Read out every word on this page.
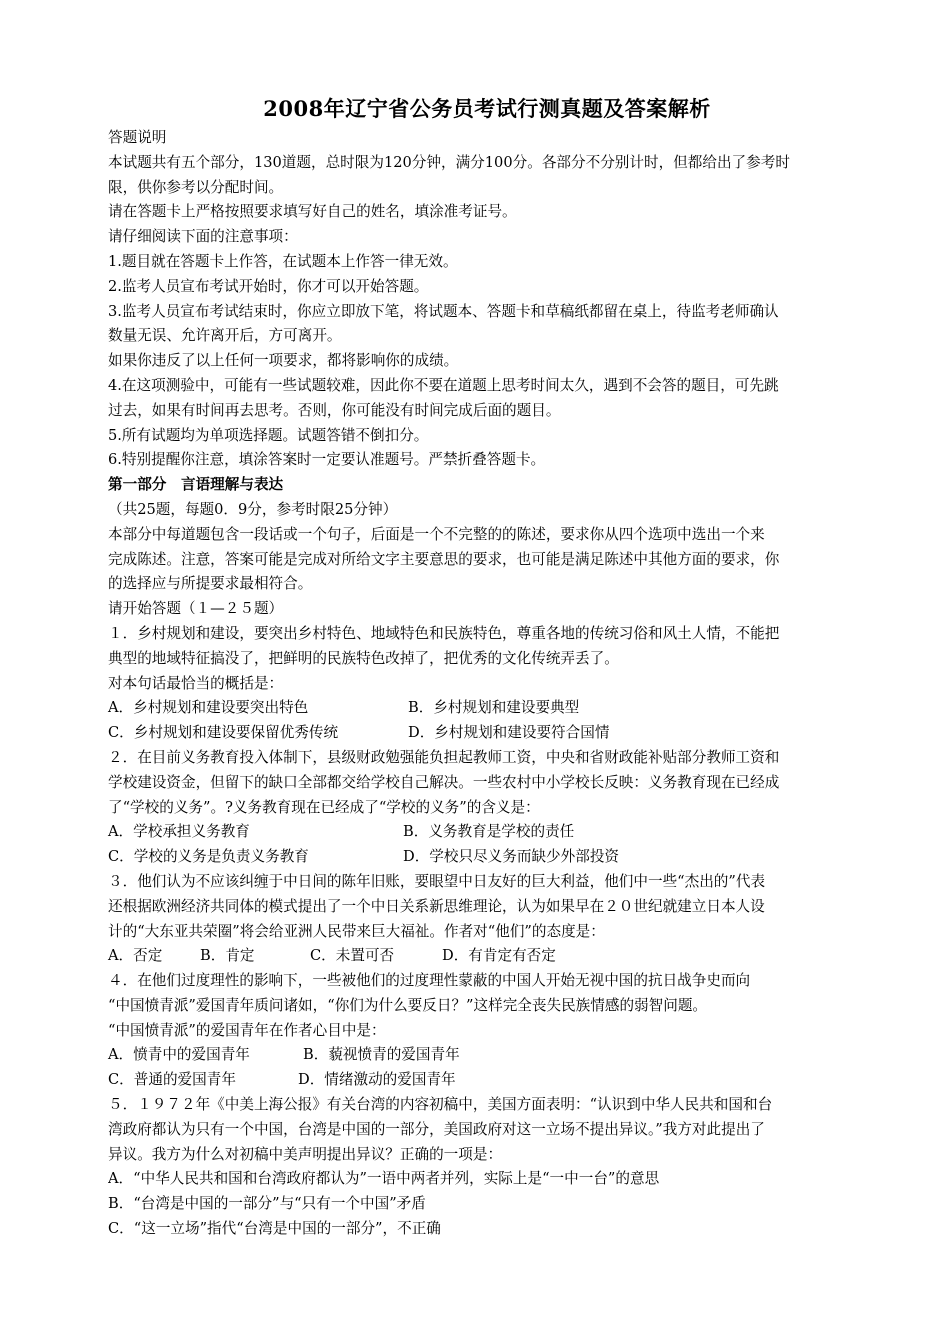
2008年辽宁省公务员考试行测真题及答案解析
答题说明
本试题共有五个部分，130道题，总时限为120分钟，满分100分。各部分不分别计时，但都给出了参考时
限，供你参考以分配时间。
请在答题卡上严格按照要求填写好自己的姓名，填涂准考证号。
请仔细阅读下面的注意事项：
1.题目就在答题卡上作答，在试题本上作答一律无效。
2.监考人员宣布考试开始时，你才可以开始答题。
3.监考人员宣布考试结束时，你应立即放下笔，将试题本、答题卡和草稿纸都留在桌上，待监考老师确认
数量无误、允许离开后，方可离开。
如果你违反了以上任何一项要求，都将影响你的成绩。
4.在这项测验中，可能有一些试题较难，因此你不要在道题上思考时间太久，遇到不会答的题目，可先跳
过去，如果有时间再去思考。否则，你可能没有时间完成后面的题目。
5.所有试题均为单项选择题。试题答错不倒扣分。
6.特别提醒你注意，填涂答案时一定要认准题号。严禁折叠答题卡。
第一部分　言语理解与表达
（共25题，每题0．9分，参考时限25分钟）
本部分中每道题包含一段话或一个句子，后面是一个不完整的的陈述，要求你从四个选项中选出一个来
完成陈述。注意，答案可能是完成对所给文字主要意思的要求，也可能是满足陈述中其他方面的要求，你
的选择应与所提要求最相符合。
请开始答题（１—２５题）
１．乡村规划和建设，要突出乡村特色、地域特色和民族特色，尊重各地的传统习俗和风土人情，不能把
典型的地域特征搞没了，把鲜明的民族特色改掉了，把优秀的文化传统弄丢了。
对本句话最恰当的概括是：
A．乡村规划和建设要突出特色	B．乡村规划和建设要典型
C．乡村规划和建设要保留优秀传统	D．乡村规划和建设要符合国情
２．在目前义务教育投入体制下，县级财政勉强能负担起教师工资，中央和省财政能补贴部分教师工资和
学校建设资金，但留下的缺口全部都交给学校自己解决。一些农村中小学校长反映：义务教育现在已经成
了“学校的义务”。?义务教育现在已经成了“学校的义务”的含义是：
A．学校承担义务教育	B．义务教育是学校的责任
C．学校的义务是负责义务教育	D．学校只尽义务而缺少外部投资
３．他们认为不应该纠缠于中日间的陈年旧账，要眼望中日友好的巨大利益，他们中一些“杰出的”代表
还根据欧洲经济共同体的模式提出了一个中日关系新思维理论，认为如果早在２０世纪就建立日本人设
计的“大东亚共荣圈”将会给亚洲人民带来巨大福祉。作者对“他们”的态度是：
A．否定	B．肯定	C．未置可否	D．有肯定有否定
４．在他们过度理性的影响下，一些被他们的过度理性蒙蔽的中国人开始无视中国的抗日战争史而向
“中国愤青派”爱国青年质问诸如，“你们为什么要反日？”这样完全丧失民族情感的弱智问题。
“中国愤青派”的爱国青年在作者心目中是：
A．愤青中的爱国青年	B．藐视愤青的爱国青年
C．普通的爱国青年	D．情绪激动的爱国青年
５．１９７２年《中美上海公报》有关台湾的内容初稿中，美国方面表明：“认识到中华人民共和国和台
湾政府都认为只有一个中国，台湾是中国的一部分，美国政府对这一立场不提出异议。”我方对此提出了
异议。我方为什么对初稿中美声明提出异议？正确的一项是：
A．“中华人民共和国和台湾政府都认为”一语中两者并列，实际上是“一中一台”的意思
B．“台湾是中国的一部分”与“只有一个中国”矛盾
C．“这一立场”指代“台湾是中国的一部分”，不正确
